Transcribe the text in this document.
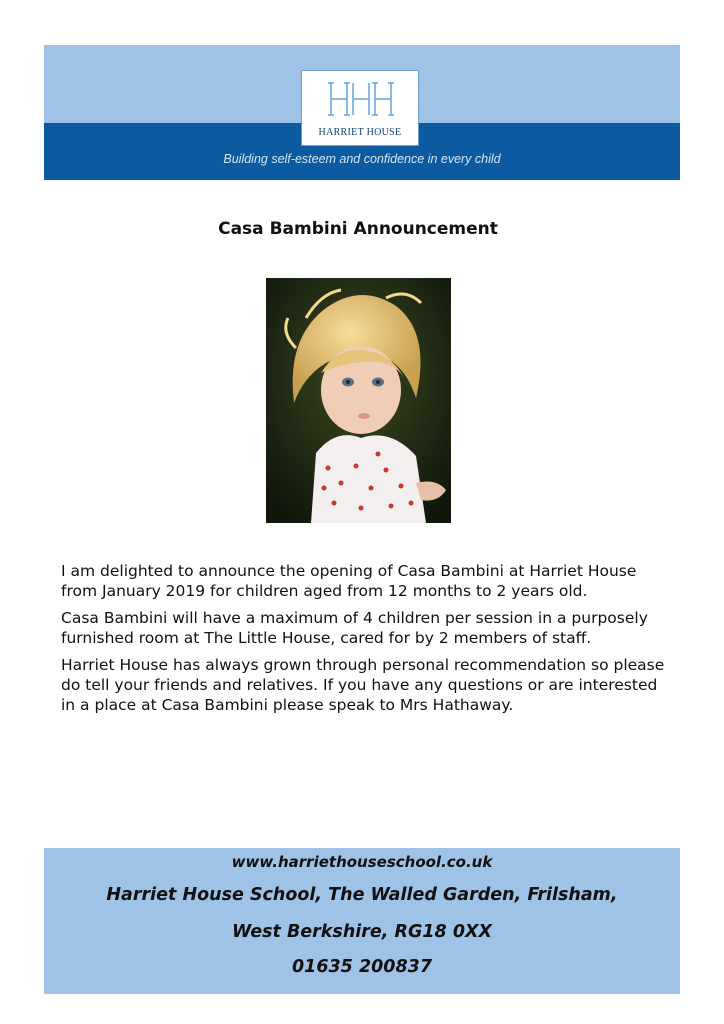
HARRIET HOUSE
Building self-esteem and confidence in every child
Casa Bambini Announcement

I am delighted to announce the opening of Casa Bambini at Harriet House from January 2019 for children aged from 12 months to 2 years old.

Casa Bambini will have a maximum of 4 children per session in a purposely furnished room at The Little House, cared for by 2 members of staff.

Harriet House has always grown through personal recommendation so please do tell your friends and relatives. If you have any questions or are interested in a place at Casa Bambini please speak to Mrs Hathaway.

www.harriethouseschool.co.uk
Harriet House School, The Walled Garden, Frilsham,
West Berkshire, RG18 0XX
01635 200837
